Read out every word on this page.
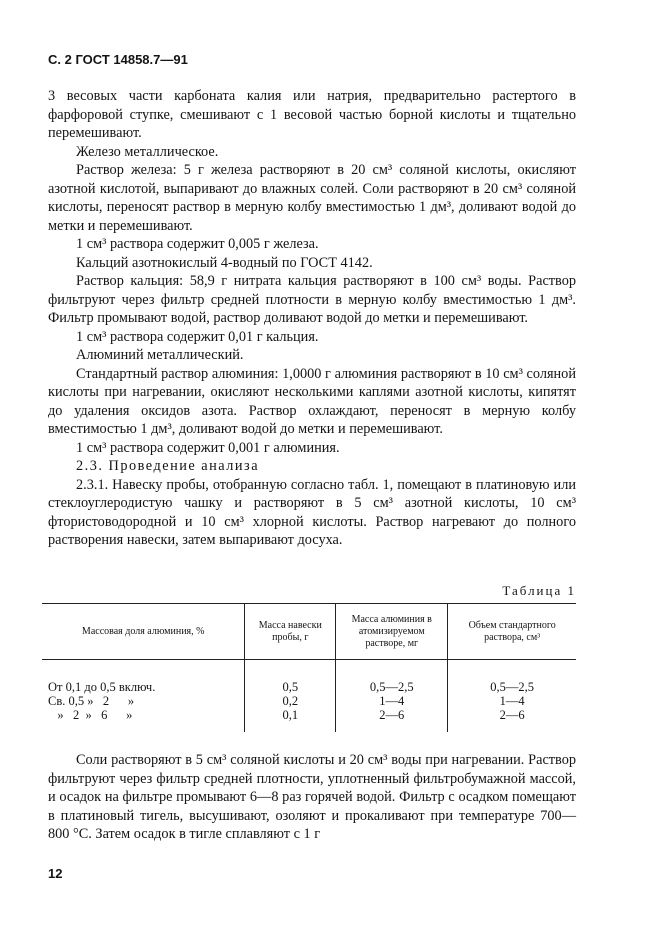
С. 2 ГОСТ 14858.7—91

3 весовых части карбоната калия или натрия, предварительно растертого в фарфоровой ступке, смешивают с 1 весовой частью борной кислоты и тщательно перемешивают.

Железо металлическое.

Раствор железа: 5 г железа растворяют в 20 см³ соляной кислоты, окисляют азотной кислотой, выпаривают до влажных солей. Соли растворяют в 20 см³ соляной кислоты, переносят раствор в мерную колбу вместимостью 1 дм³, доливают водой до метки и перемешивают.

1 см³ раствора содержит 0,005 г железа.

Кальций азотнокислый 4-водный по ГОСТ 4142.

Раствор кальция: 58,9 г нитрата кальция растворяют в 100 см³ воды. Раствор фильтруют через фильтр средней плотности в мерную колбу вместимостью 1 дм³. Фильтр промывают водой, раствор доливают водой до метки и перемешивают.

1 см³ раствора содержит 0,01 г кальция.

Алюминий металлический.

Стандартный раствор алюминия: 1,0000 г алюминия растворяют в 10 см³ соляной кислоты при нагревании, окисляют несколькими каплями азотной кислоты, кипятят до удаления оксидов азота. Раствор охлаждают, переносят в мерную колбу вместимостью 1 дм³, доливают водой до метки и перемешивают.

1 см³ раствора содержит 0,001 г алюминия.

2.3. Проведение анализа

2.3.1. Навеску пробы, отобранную согласно табл. 1, помещают в платиновую или стеклоуглеродистую чашку и растворяют в 5 см³ азотной кислоты, 10 см³ фтористоводородной и 10 см³ хлорной кислоты. Раствор нагревают до полного растворения навески, затем выпаривают досуха.

Таблица 1
Массовая доля алюминия, %	Масса навески пробы, г	Масса алюминия в атомизируемом растворе, мг	Объем стандартного раствора, см³
От 0,1 до 0,5 включ.	0,5	0,5—2,5	0,5—2,5
Св. 0,5 »   2      »	0,2	1—4	1—4
»   2  »   6      »	0,1	2—6	2—6

Соли растворяют в 5 см³ соляной кислоты и 20 см³ воды при нагревании. Раствор фильтруют через фильтр средней плотности, уплотненный фильтробумажной массой, и осадок на фильтре промывают 6—8 раз горячей водой. Фильтр с осадком помещают в платиновый тигель, высушивают, озоляют и прокаливают при температуре 700—800 °С. Затем осадок в тигле сплавляют с 1 г

12
